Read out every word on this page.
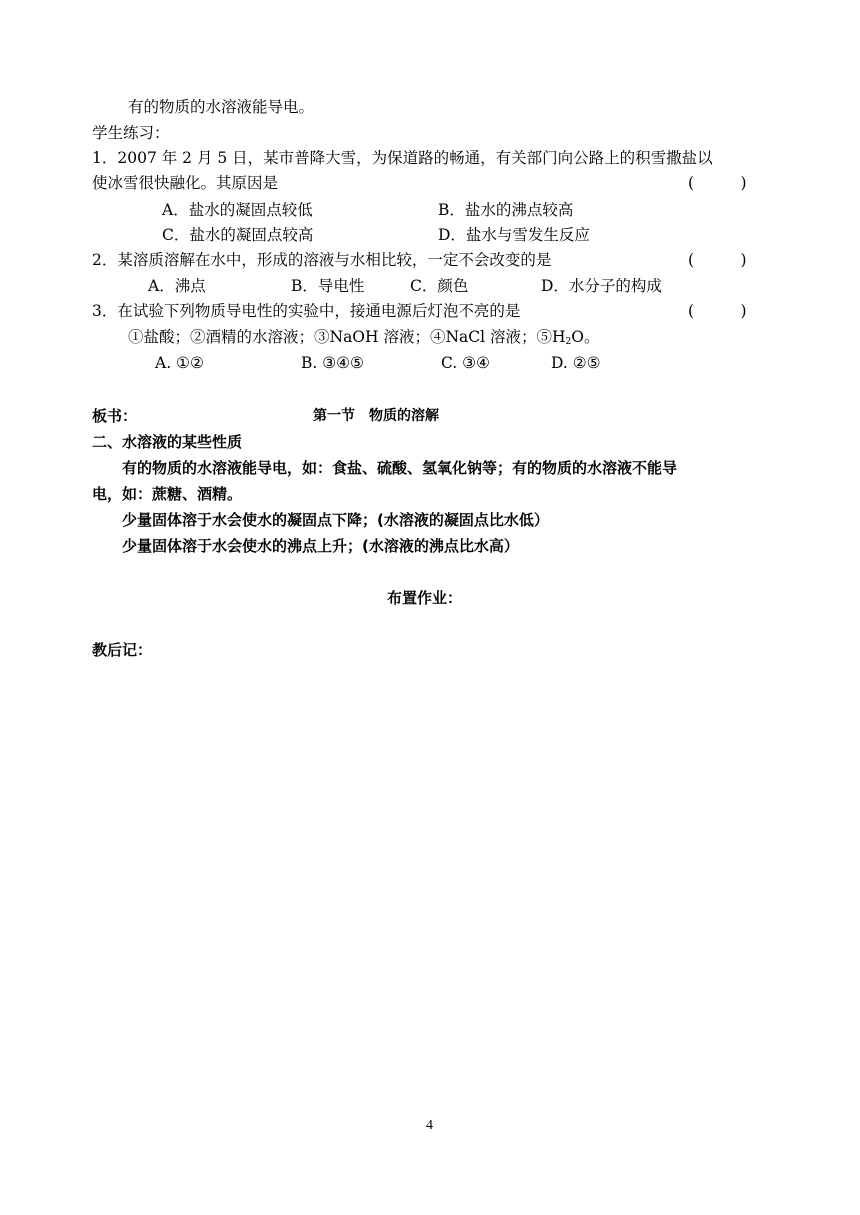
有的物质的水溶液能导电。
学生练习：
1．2007 年 2 月 5 日，某市普降大雪，为保道路的畅通，有关部门向公路上的积雪撒盐以
使冰雪很快融化。其原因是	(　　　)
A．盐水的凝固点较低	B．盐水的沸点较高
C．盐水的凝固点较高	D．盐水与雪发生反应
2．某溶质溶解在水中，形成的溶液与水相比较，一定不会改变的是	(　　　)
A．沸点	B．导电性	C．颜色	D．水分子的构成
3．在试验下列物质导电性的实验中，接通电源后灯泡不亮的是	(　　　)
①盐酸；②酒精的水溶液；③NaOH 溶液；④NaCl 溶液；$⑤H_2O$。
A. ①②	B. ③④⑤	C. ③④	D. ②⑤
板书：	第一节　物质的溶解
二、水溶液的某些性质
有的物质的水溶液能导电，如：食盐、硫酸、氢氧化钠等；有的物质的水溶液不能导
电，如：蔗糖、酒精。
少量固体溶于水会使水的凝固点下降；(水溶液的凝固点比水低）
少量固体溶于水会使水的沸点上升；(水溶液的沸点比水高）
布置作业：
教后记：
4
